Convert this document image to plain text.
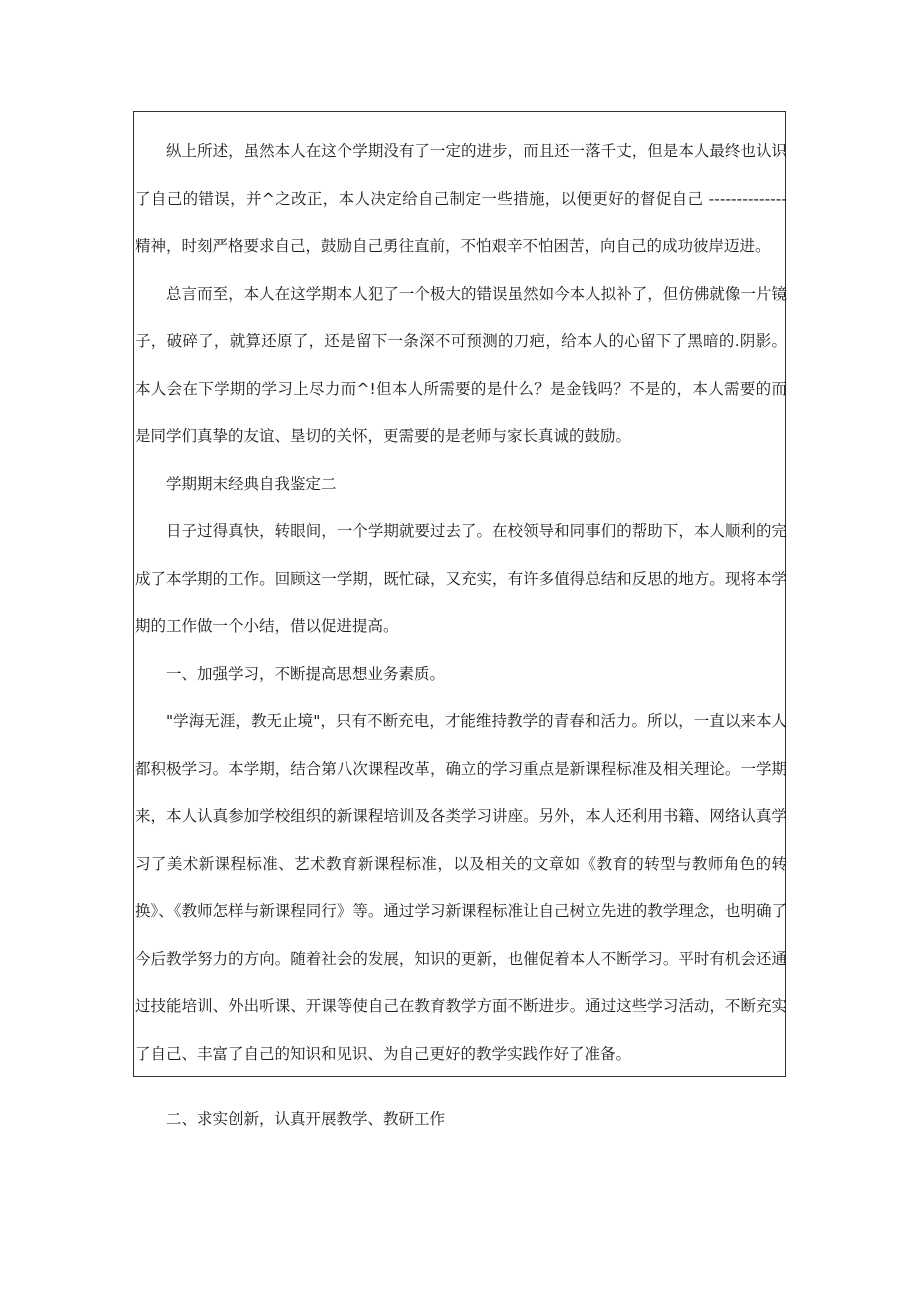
纵上所述，虽然本人在这个学期没有了一定的进步，而且还一落千丈，但是本人最终也认识了自己的错误，并^之改正，本人决定给自己制定一些措施，以便更好的督促自己 --------------精神，时刻严格要求自己，鼓励自己勇往直前，不怕艰辛不怕困苦，向自己的成功彼岸迈进。

总言而至，本人在这学期本人犯了一个极大的错误虽然如今本人拟补了，但仿佛就像一片镜子，破碎了，就算还原了，还是留下一条深不可预测的刀疤，给本人的心留下了黑暗的.阴影。本人会在下学期的学习上尽力而^!但本人所需要的是什么？是金钱吗？不是的，本人需要的而是同学们真挚的友谊、垦切的关怀，更需要的是老师与家长真诚的鼓励。

学期期末经典自我鉴定二

日子过得真快，转眼间，一个学期就要过去了。在校领导和同事们的帮助下，本人顺利的完成了本学期的工作。回顾这一学期，既忙碌，又充实，有许多值得总结和反思的地方。现将本学期的工作做一个小结，借以促进提高。

一、加强学习，不断提高思想业务素质。

"学海无涯，教无止境"，只有不断充电，才能维持教学的青春和活力。所以，一直以来本人都积极学习。本学期，结合第八次课程改革，确立的学习重点是新课程标准及相关理论。一学期来，本人认真参加学校组织的新课程培训及各类学习讲座。另外，本人还利用书籍、网络认真学习了美术新课程标准、艺术教育新课程标准，以及相关的文章如《教育的转型与教师角色的转换》、《教师怎样与新课程同行》等。通过学习新课程标准让自己树立先进的教学理念，也明确了今后教学努力的方向。随着社会的发展，知识的更新，也催促着本人不断学习。平时有机会还通过技能培训、外出听课、开课等使自己在教育教学方面不断进步。通过这些学习活动，不断充实了自己、丰富了自己的知识和见识、为自己更好的教学实践作好了准备。

二、求实创新，认真开展教学、教研工作
